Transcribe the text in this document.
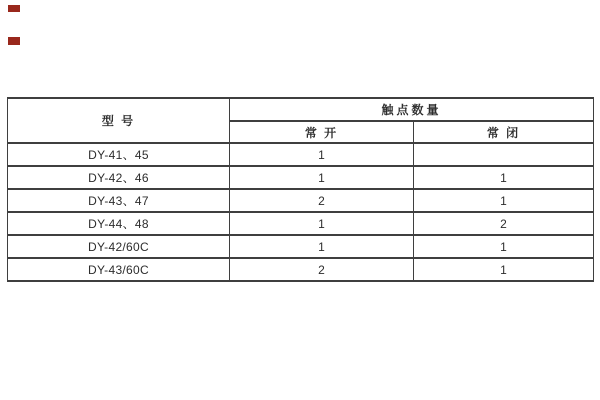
型 号	触点数量	
	常 开	常 闭
DY-41、45	1	
DY-42、46	1	1
DY-43、47	2	1
DY-44、48	1	2
DY-42/60C	1	1
DY-43/60C	2	1
